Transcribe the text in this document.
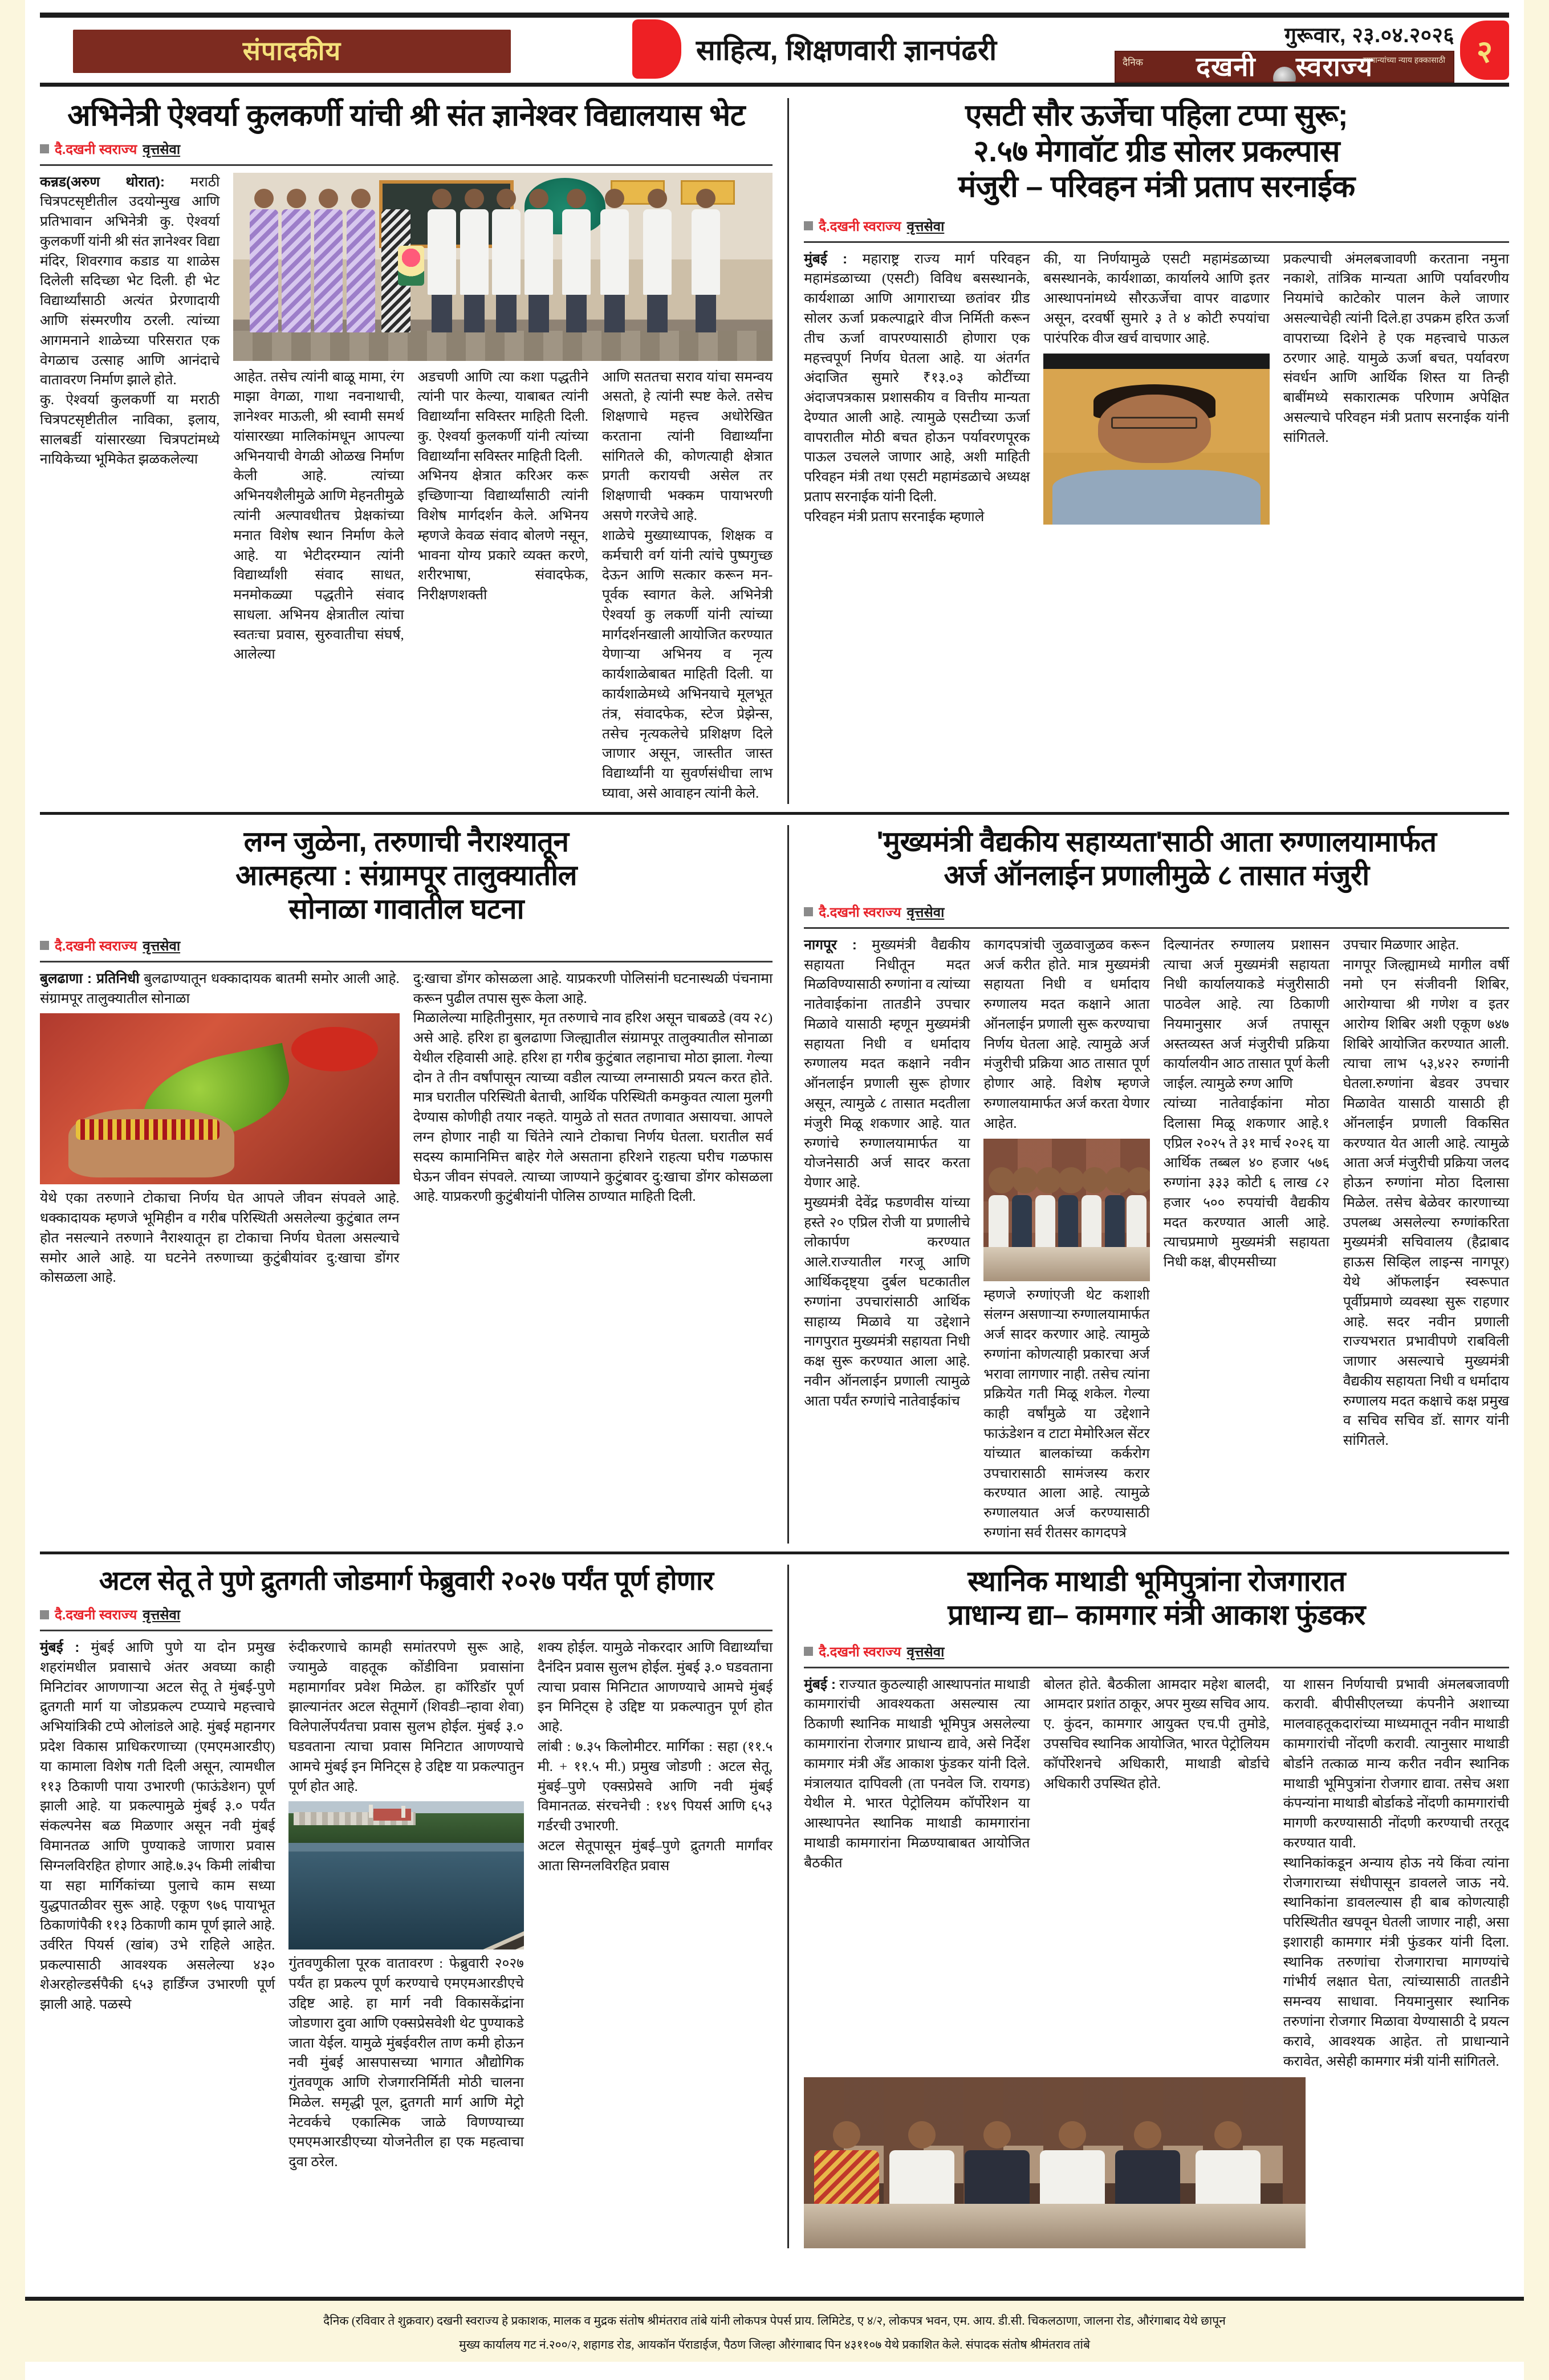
संपादकीय	साहित्य, शिक्षणवारी ज्ञानपंढरी	गुरूवार, २३.०४.२०२६
दैनिक	सामान्यांच्या न्याय हक्कासाठी
दखनी स्वराज्य	२
अभिनेत्री ऐश्वर्या कुलकर्णी यांची श्री संत ज्ञानेश्वर विद्यालयास भेट
दै.दखनी स्वराज्य वृत्तसेवा

कन्नड(अरुण थोरात): मराठी चित्रपटसृष्टीतील उदयोन्मुख आणि प्रतिभावान अभिनेत्री कु. ऐश्वर्या कुलकर्णी यांनी श्री संत ज्ञानेश्वर विद्या मंदिर, शिवरगाव कडाड या शाळेस दिलेली सदिच्छा भेट दिली. ही भेट विद्यार्थ्यांसाठी अत्यंत प्रेरणादायी आणि संस्मरणीय ठरली. त्यांच्या आगमनाने शाळेच्या परिसरात एक वेगळाच उत्साह आणि आनंदाचे वातावरण निर्माण झाले होते.

कु. ऐश्वर्या कुलकर्णी या मराठी चित्रपटसृष्टीतील नाविका, इलाय, सालबर्डी यांसारख्या चित्रपटांमध्ये नायिकेच्या भूमिकेत झळकलेल्या

आहेत. तसेच त्यांनी बाळू मामा, रंग माझा वेगळा, गाथा नवनाथाची, ज्ञानेश्वर माऊली, श्री स्वामी समर्थ यांसारख्या मालिकांमधून आपल्या अभिनयाची वेगळी ओळख निर्माण केली आहे. त्यांच्या अभिनयशैलीमुळे आणि मेहनतीमुळे त्यांनी अल्पावधीतच प्रेक्षकांच्या मनात विशेष स्थान निर्माण केले आहे. या भेटीदरम्यान त्यांनी विद्यार्थ्यांशी संवाद साधत, मनमोकळ्या पद्धतीने संवाद साधला. अभिनय क्षेत्रातील त्यांचा स्वतःचा प्रवास, सुरुवातीचा संघर्ष, आलेल्या

अडचणी आणि त्या कशा पद्धतीने त्यांनी पार केल्या, याबाबत त्यांनी विद्यार्थ्यांना सविस्तर माहिती दिली. कु. ऐश्वर्या कुलकर्णी यांनी त्यांच्या विद्यार्थ्यांना सविस्तर माहिती दिली.

अभिनय क्षेत्रात करिअर करू इच्छिणाऱ्या विद्यार्थ्यांसाठी त्यांनी विशेष मार्गदर्शन केले. अभिनय म्हणजे केवळ संवाद बोलणे नसून, भावना योग्य प्रकारे व्यक्त करणे, शरीरभाषा, संवादफेक, निरीक्षणशक्ती

आणि सततचा सराव यांचा समन्वय असतो, हे त्यांनी स्पष्ट केले. तसेच शिक्षणाचे महत्त्व अधोरेखित करताना त्यांनी विद्यार्थ्यांना सांगितले की, कोणत्याही क्षेत्रात प्रगती करायची असेल तर शिक्षणाची भक्कम पायाभरणी असणे गरजेचे आहे.

शाळेचे मुख्याध्यापक, शिक्षक व कर्मचारी वर्ग यांनी त्यांचे पुष्पगुच्छ देऊन आणि सत्कार करून मन-पूर्वक स्वागत केले. अभिनेत्री ऐश्वर्या कु लकर्णी यांनी त्यांच्या मार्गदर्शनखाली आयोजित करण्यात येणाऱ्या अभिनय व नृत्य कार्यशाळेबाबत माहिती दिली. या कार्यशाळेमध्ये अभिनयाचे मूलभूत तंत्र, संवादफेक, स्टेज प्रेझेन्स, तसेच नृत्यकलेचे प्रशिक्षण दिले जाणार असून, जास्तीत जास्त विद्यार्थ्यांनी या सुवर्णसंधीचा लाभ घ्यावा, असे आवाहन त्यांनी केले.

एसटी सौर ऊर्जेचा पहिला टप्पा सुरू;
२.५७ मेगावॉट ग्रीड सोलर प्रकल्पास
मंजुरी – परिवहन मंत्री प्रताप सरनाईक
दै.दखनी स्वराज्य वृत्तसेवा

मुंबई : महाराष्ट्र राज्य मार्ग परिवहन महामंडळाच्या (एसटी) विविध बसस्थानके, कार्यशाळा आणि आगाराच्या छतांवर ग्रीड सोलर ऊर्जा प्रकल्पाद्वारे वीज निर्मिती करून तीच ऊर्जा वापरण्यासाठी होणारा एक महत्त्वपूर्ण निर्णय घेतला आहे. या अंतर्गत अंदाजित सुमारे ₹१३.०३ कोटींच्या अंदाजपत्रकास प्रशासकीय व वित्तीय मान्यता देण्यात आली आहे. त्यामुळे एसटीच्या ऊर्जा वापरातील मोठी बचत होऊन पर्यावरणपूरक पाऊल उचलले जाणार आहे, अशी माहिती परिवहन मंत्री तथा एसटी महामंडळाचे अध्यक्ष प्रताप सरनाईक यांनी दिली.

परिवहन मंत्री प्रताप सरनाईक म्हणाले

की, या निर्णयामुळे एसटी महामंडळाच्या बसस्थानके, कार्यशाळा, कार्यालये आणि इतर आस्थापनांमध्ये सौरऊर्जेचा वापर वाढणार असून, दरवर्षी सुमारे ३ ते ४ कोटी रुपयांचा पारंपरिक वीज खर्च वाचणार आहे.

प्रकल्पाची अंमलबजावणी करताना नमुना नकाशे, तांत्रिक मान्यता आणि पर्यावरणीय नियमांचे काटेकोर पालन केले जाणार असल्याचेही त्यांनी दिले.हा उपक्रम हरित ऊर्जा वापराच्या दिशेने हे एक महत्त्वाचे पाऊल ठरणार आहे. यामुळे ऊर्जा बचत, पर्यावरण संवर्धन आणि आर्थिक शिस्त या तिन्ही बाबींमध्ये सकारात्मक परिणाम अपेक्षित असल्याचे परिवहन मंत्री प्रताप सरनाईक यांनी सांगितले.

लग्न जुळेना, तरुणाची नैराश्यातून
आत्महत्या : संग्रामपूर तालुक्यातील
सोनाळा गावातील घटना
दै.दखनी स्वराज्य वृत्तसेवा

बुलढाणा : प्रतिनिधी बुलढाण्यातून धक्कादायक बातमी समोर आली आहे. संग्रामपूर तालुक्यातील सोनाळा

येथे एका तरुणाने टोकाचा निर्णय घेत आपले जीवन संपवले आहे. धक्कादायक म्हणजे भूमिहीन व गरीब परिस्थिती असलेल्या कुटुंबात लग्न होत नसल्याने तरुणाने नैराश्यातून हा टोकाचा निर्णय घेतला असल्याचे समोर आले आहे. या घटनेने तरुणाच्या कुटुंबीयांवर दु:खाचा डोंगर कोसळला आहे.

दु:खाचा डोंगर कोसळला आहे. याप्रकरणी पोलिसांनी घटनास्थळी पंचनामा करून पुढील तपास सुरू केला आहे.

मिळालेल्या माहितीनुसार, मृत तरुणाचे नाव हरिश असून चाबळडे (वय २८) असे आहे. हरिश हा बुलढाणा जिल्ह्यातील संग्रामपूर तालुक्यातील सोनाळा येथील रहिवासी आहे. हरिश हा गरीब कुटुंबात लहानाचा मोठा झाला. गेल्या दोन ते तीन वर्षांपासून त्याच्या वडील त्याच्या लग्नासाठी प्रयत्न करत होते. मात्र घरातील परिस्थिती बेताची, आर्थिक परिस्थिती कमकुवत त्याला मुलगी देण्यास कोणीही तयार नव्हते. यामुळे तो सतत तणावात असायचा. आपले लग्न होणार नाही या चिंतेने त्याने टोकाचा निर्णय घेतला. घरातील सर्व सदस्य कामानिमित्त बाहेर गेले असताना हरिशने राहत्या घरीच गळफास घेऊन जीवन संपवले. त्याच्या जाण्याने कुटुंबावर दु:खाचा डोंगर कोसळला आहे. याप्रकरणी कुटुंबीयांनी पोलिस ठाण्यात माहिती दिली.

'मुख्यमंत्री वैद्यकीय सहाय्यता'साठी आता रुग्णालयामार्फत
अर्ज ऑनलाईन प्रणालीमुळे ८ तासात मंजुरी
दै.दखनी स्वराज्य वृत्तसेवा

नागपूर : मुख्यमंत्री वैद्यकीय सहायता निधीतून मदत मिळविण्यासाठी रुग्णांना व त्यांच्या नातेवाईकांना तातडीने उपचार मिळावे यासाठी म्हणून मुख्यमंत्री सहायता निधी व धर्मादाय रुग्णालय मदत कक्षाने नवीन ऑनलाईन प्रणाली सुरू होणार असून, त्यामुळे ८ तासात मदतीला मंजुरी मिळू शकणार आहे. यात रुग्णांचे रुग्णालयामार्फत या योजनेसाठी अर्ज सादर करता येणार आहे.

मुख्यमंत्री देवेंद्र फडणवीस यांच्या हस्ते २० एप्रिल रोजी या प्रणालीचे लोकार्पण करण्यात आले.राज्यातील गरजू आणि आर्थिकदृष्ट्या दुर्बल घटकातील रुग्णांना उपचारांसाठी आर्थिक साहाय्य मिळावे या उद्देशाने नागपुरात मुख्यमंत्री सहायता निधी कक्ष सुरू करण्यात आला आहे. नवीन ऑनलाईन प्रणाली त्यामुळे आता पर्यंत रुग्णांचे नातेवाईकांच

कागदपत्रांची जुळवाजुळव करून अर्ज करीत होते. मात्र मुख्यमंत्री सहायता निधी व धर्मादाय रुग्णालय मदत कक्षाने आता ऑनलाईन प्रणाली सुरू करण्याचा निर्णय घेतला आहे. त्यामुळे अर्ज मंजुरीची प्रक्रिया आठ तासात पूर्ण होणार आहे. विशेष म्हणजे रुग्णालयामार्फत अर्ज करता येणार आहेत.

म्हणजे रुग्णांएजी थेट कशाशी संलग्न असणाऱ्या रुग्णालयामार्फत अर्ज सादर करणार आहे. त्यामुळे रुग्णांना कोणत्याही प्रकारचा अर्ज भरावा लागणार नाही. तसेच त्यांना प्रक्रियेत गती मिळू शकेल. गेल्या काही वर्षांमुळे या उद्देशाने फाऊंडेशन व टाटा मेमोरिअल सेंटर यांच्यात बालकांच्या कर्करोग उपचारासाठी सामंजस्य करार करण्यात आला आहे. त्यामुळे रुग्णालयात अर्ज करण्यासाठी रुग्णांना सर्व रीतसर कागदपत्रे

दिल्यानंतर रुग्णालय प्रशासन त्याचा अर्ज मुख्यमंत्री सहायता निधी कार्यालयाकडे मंजुरीसाठी पाठवेल आहे. त्या ठिकाणी नियमानुसार अर्ज तपासून अस्तव्यस्त अर्ज मंजुरीची प्रक्रिया कार्यालयीन आठ तासात पूर्ण केली जाईल. त्यामुळे रुग्ण आणि

त्यांच्या नातेवाईकांना मोठा दिलासा मिळू शकणार आहे.१ एप्रिल २०२५ ते ३१ मार्च २०२६ या आर्थिक तब्बल ४० हजार ५७६ रुग्णांना ३३३ कोटी ६ लाख ८२ हजार ५०० रुपयांची वैद्यकीय मदत करण्यात आली आहे. त्याचप्रमाणे मुख्यमंत्री सहायता निधी कक्ष, बीएमसीच्या

उपचार मिळणार आहेत.

नागपूर जिल्ह्यामध्ये मागील वर्षी नमो एन संजीवनी शिबिर, आरोग्याचा श्री गणेश व इतर आरोग्य शिबिर अशी एकूण ७४७ शिबिरे आयोजित करण्यात आली. त्याचा लाभ ५३,४२२ रुग्णांनी घेतला.रुग्णांना बेडवर उपचार मिळावेत यासाठी यासाठी ही ऑनलाईन प्रणाली विकसित करण्यात येत आली आहे. त्यामुळे आता अर्ज मंजुरीची प्रक्रिया जलद होऊन रुग्णांना मोठा दिलासा मिळेल. तसेच बेळेवर कारणाच्या उपलब्ध असलेल्या रुग्णांकरिता मुख्यमंत्री सचिवालय (हैद्राबाद हाऊस सिव्हिल लाइन्स नागपूर) येथे ऑफलाईन स्वरूपात पूर्वीप्रमाणे व्यवस्था सुरू राहणार आहे. सदर नवीन प्रणाली राज्यभरात प्रभावीपणे राबविली जाणार असल्याचे मुख्यमंत्री वैद्यकीय सहायता निधी व धर्मादाय रुग्णालय मदत कक्षाचे कक्ष प्रमुख व सचिव सचिव डॉ. सागर यांनी सांगितले.

अटल सेतू ते पुणे द्रुतगती जोडमार्ग फेब्रुवारी २०२७ पर्यंत पूर्ण होणार
दै.दखनी स्वराज्य वृत्तसेवा

मुंबई : मुंबई आणि पुणे या दोन प्रमुख शहरांमधील प्रवासाचे अंतर अवघ्या काही मिनिटांवर आणणाऱ्या अटल सेतू ते मुंबई-पुणे द्रुतगती मार्ग या जोडप्रकल्प टप्प्याचे महत्त्वाचे अभियांत्रिकी टप्पे ओलांडले आहे. मुंबई महानगर प्रदेश विकास प्राधिकरणाच्या (एमएमआरडीए) या कामाला विशेष गती दिली असून, त्यामधील ११३ ठिकाणी पाया उभारणी (फाऊंडेशन) पूर्ण झाली आहे. या प्रकल्पामुळे मुंबई ३.० पर्यंत संकल्पनेस बळ मिळणार असून नवी मुंबई विमानतळ आणि पुण्याकडे जाणारा प्रवास सिग्नलविरहित होणार आहे.७.३५ किमी लांबीचा या सहा मार्गिकांच्या पुलाचे काम सध्या युद्धपातळीवर सुरू आहे. एकूण ९७६ पायाभूत ठिकाणांपैकी ११३ ठिकाणी काम पूर्ण झाले आहे. उर्वरित पियर्स (खांब) उभे राहिले आहेत. प्रकल्पासाठी आवश्यक असलेल्या ४३० शेअरहोल्डर्सपैकी ६५३ हार्डिंग्ज उभारणी पूर्ण झाली आहे. पळस्पे

रुंदीकरणाचे कामही समांतरपणे सुरू आहे, ज्यामुळे वाहतूक कोंडीविना प्रवासांना महामार्गावर प्रवेश मिळेल. हा कॉरिडॉर पूर्ण झाल्यानंतर अटल सेतूमार्गे (शिवडी–न्हावा शेवा) विलेपार्लेपर्यंतचा प्रवास सुलभ होईल. मुंबई ३.० घडवताना त्याचा प्रवास मिनिटात आणण्याचे आमचे मुंबई इन मिनिट्स हे उद्दिष्ट या प्रकल्पातुन पूर्ण होत आहे.

गुंतवणुकीला पूरक वातावरण : फेब्रुवारी २०२७ पर्यंत हा प्रकल्प पूर्ण करण्याचे एमएमआरडीएचे उद्दिष्ट आहे. हा मार्ग नवी विकासकेंद्रांना जोडणारा दुवा आणि एक्सप्रेसवेशी थेट पुण्याकडे जाता येईल. यामुळे मुंबईवरील ताण कमी होऊन नवी मुंबई आसपासच्या भागात औद्योगिक गुंतवणूक आणि रोजगारनिर्मिती मोठी चालना मिळेल. समृद्धी पूल, द्रुतगती मार्ग आणि मेट्रो नेटवर्कचे एकात्मिक जाळे विणण्याच्या एमएमआरडीएच्या योजनेतील हा एक महत्वाचा दुवा ठरेल.

शक्य होईल. यामुळे नोकरदार आणि विद्यार्थ्यांचा दैनंदिन प्रवास सुलभ होईल. मुंबई ३.० घडवताना त्याचा प्रवास मिनिटात आणण्याचे आमचे मुंबई इन मिनिट्स हे उद्दिष्ट या प्रकल्पातुन पूर्ण होत आहे.

लांबी : ७.३५ किलोमीटर. मार्गिका : सहा (११.५ मी. + ११.५ मी.) प्रमुख जोडणी : अटल सेतू, मुंबई–पुणे एक्सप्रेसवे आणि नवी मुंबई विमानतळ. संरचनेची : १४९ पियर्स आणि ६५३ गर्डरची उभारणी.

अटल सेतूपासून मुंबई–पुणे द्रुतगती मार्गांवर आता सिग्नलविरहित प्रवास

स्थानिक माथाडी भूमिपुत्रांना रोजगारात
प्राधान्य द्या– कामगार मंत्री आकाश फुंडकर
दै.दखनी स्वराज्य वृत्तसेवा

मुंबई : राज्यात कुठल्याही आस्थापनांत माथाडी कामगारांची आवश्यकता असल्यास त्या ठिकाणी स्थानिक माथाडी भूमिपुत्र असलेल्या कामगारांना रोजगार प्राधान्य द्यावे, असे निर्देश कामगार मंत्री अँड आकाश फुंडकर यांनी दिले. मंत्रालयात दापिवली (ता पनवेल जि. रायगड) येथील मे. भारत पेट्रोलियम कॉर्पोरेशन या आस्थापनेत स्थानिक माथाडी कामगारांना माथाडी कामगारांना मिळण्याबाबत आयोजित बैठकीत

बोलत होते. बैठकीला आमदार महेश बालदी, आमदार प्रशांत ठाकूर, अपर मुख्य सचिव आय. ए. कुंदन, कामगार आयुक्त एच.पी तुमोडे, उपसचिव स्थानिक आयोजित, भारत पेट्रोलियम कॉर्पोरेशनचे अधिकारी, माथाडी बोर्डाचे अधिकारी उपस्थित होते.

या शासन निर्णयाची प्रभावी अंमलबजावणी करावी. बीपीसीएलच्या कंपनीने अशाच्या मालवाहतूकदारांच्या माध्यमातून नवीन माथाडी कामगारांची नोंदणी करावी. त्यानुसार माथाडी बोर्डाने तत्काळ मान्य करीत नवीन स्थानिक माथाडी भूमिपुत्रांना रोजगार द्यावा. तसेच अशा कंपन्यांना माथाडी बोर्डाकडे नोंदणी कामगारांची मागणी करण्यासाठी नोंदणी करण्याची तरतूद करण्यात यावी.

स्थानिकांकडून अन्याय होऊ नये किंवा त्यांना रोजगाराच्या संधीपासून डावलले जाऊ नये. स्थानिकांना डावलल्यास ही बाब कोणत्याही परिस्थितीत खपवून घेतली जाणार नाही, असा इशाराही कामगार मंत्री फुंडकर यांनी दिला. स्थानिक तरुणांचा रोजगाराचा मागण्यांचे गांभीर्य लक्षात घेता, त्यांच्यासाठी तातडीने समन्वय साधावा. नियमानुसार स्थानिक तरुणांना रोजगार मिळावा येण्यासाठी दे प्रयत्न करावे, आवश्यक आहेत. तो प्राधान्याने करावेत, असेही कामगार मंत्री यांनी सांगितले.

दैनिक (रविवार ते शुक्रवार) दखनी स्वराज्य हे प्रकाशक, मालक व मुद्रक संतोष श्रीमंतराव तांबे यांनी लोकपत्र पेपर्स प्राय. लिमिटेड, ए ४/२, लोकपत्र भवन, एम. आय. डी.सी. चिकलठाणा, जालना रोड, औरंगाबाद येथे छापून
मुख्य कार्यालय गट नं.२००/२, शहागड रोड, आयकॉन पॅराडाईज, पैठण जिल्हा औरंगाबाद पिन ४३११०७ येथे प्रकाशित केले. संपादक संतोष श्रीमंतराव तांबे
